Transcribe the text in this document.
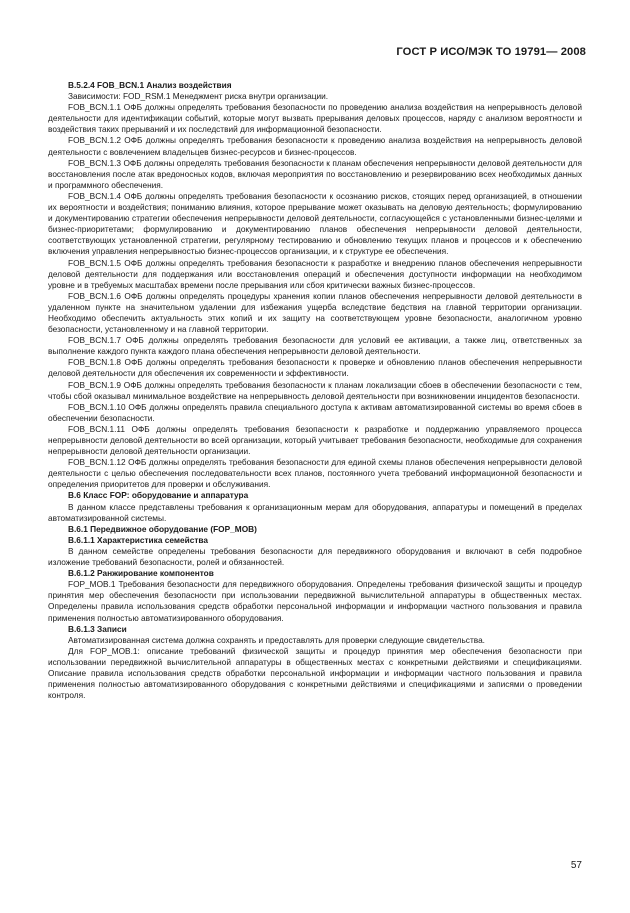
ГОСТ Р ИСО/МЭК ТО 19791— 2008

B.5.2.4 FOB_BCN.1 Анализ воздействия

Зависимости: FOD_RSM.1 Менеджмент риска внутри организации.

FOB_BCN.1.1 ОФБ должны определять требования безопасности по проведению анализа воздействия на непрерывность деловой деятельности для идентификации событий, которые могут вызвать прерывания деловых процессов, наряду с анализом вероятности и воздействия таких прерываний и их последствий для информационной безопасности.

FOB_BCN.1.2 ОФБ должны определять требования безопасности к проведению анализа воздействия на непрерывность деловой деятельности с вовлечением владельцев бизнес-ресурсов и бизнес-процессов.

FOB_BCN.1.3 ОФБ должны определять требования безопасности к планам обеспечения непрерывности деловой деятельности для восстановления после атак вредоносных кодов, включая мероприятия по восстановлению и резервированию всех необходимых данных и программного обеспечения.

FOB_BCN.1.4 ОФБ должны определять требования безопасности к осознанию рисков, стоящих перед организацией, в отношении их вероятности и воздействия; пониманию влияния, которое прерывание может оказывать на деловую деятельность; формулированию и документированию стратегии обеспечения непрерывности деловой деятельности, согласующейся с установленными бизнес-целями и бизнес-приоритетами; формулированию и документированию планов обеспечения непрерывности деловой деятельности, соответствующих установленной стратегии, регулярному тестированию и обновлению текущих планов и процессов и к обеспечению включения управления непрерывностью бизнес-процессов организации, и к структуре ее обеспечения.

FOB_BCN.1.5 ОФБ должны определять требования безопасности к разработке и внедрению планов обеспечения непрерывности деловой деятельности для поддержания или восстановления операций и обеспечения доступности информации на необходимом уровне и в требуемых масштабах времени после прерывания или сбоя критически важных бизнес-процессов.

FOB_BCN.1.6 ОФБ должны определять процедуры хранения копии планов обеспечения непрерывности деловой деятельности в удаленном пункте на значительном удалении для избежания ущерба вследствие бедствия на главной территории организации. Необходимо обеспечить актуальность этих копий и их защиту на соответствующем уровне безопасности, аналогичном уровню безопасности, установленному и на главной территории.

FOB_BCN.1.7 ОФБ должны определять требования безопасности для условий ее активации, а также лиц, ответственных за выполнение каждого пункта каждого плана обеспечения непрерывности деловой деятельности.

FOB_BCN.1.8 ОФБ должны определять требования безопасности к проверке и обновлению планов обеспечения непрерывности деловой деятельности для обеспечения их современности и эффективности.

FOB_BCN.1.9 ОФБ должны определять требования безопасности к планам локализации сбоев в обеспечении безопасности с тем, чтобы сбой оказывал минимальное воздействие на непрерывность деловой деятельности при возникновении инцидентов безопасности.

FOB_BCN.1.10 ОФБ должны определять правила специального доступа к активам автоматизированной системы во время сбоев в обеспечении безопасности.

FOB_BCN.1.11 ОФБ должны определять требования безопасности к разработке и поддержанию управляемого процесса непрерывности деловой деятельности во всей организации, который учитывает требования безопасности, необходимые для сохранения непрерывности деловой деятельности организации.

FOB_BCN.1.12 ОФБ должны определять требования безопасности для единой схемы планов обеспечения непрерывности деловой деятельности с целью обеспечения последовательности всех планов, постоянного учета требований информационной безопасности и определения приоритетов для проверки и обслуживания.

B.6 Класс FOP: оборудование и аппаратура

В данном классе представлены требования к организационным мерам для оборудования, аппаратуры и помещений в пределах автоматизированной системы.

B.6.1 Передвижное оборудование (FOP_MOB)

B.6.1.1 Характеристика семейства

В данном семействе определены требования безопасности для передвижного оборудования и включают в себя подробное изложение требований безопасности, ролей и обязанностей.

B.6.1.2 Ранжирование компонентов

FOP_MOB.1 Требования безопасности для передвижного оборудования. Определены требования физической защиты и процедур принятия мер обеспечения безопасности при использовании передвижной вычислительной аппаратуры в общественных местах. Определены правила использования средств обработки персональной информации и информации частного пользования и правила применения полностью автоматизированного оборудования.

B.6.1.3 Записи

Автоматизированная система должна сохранять и предоставлять для проверки следующие свидетельства.

Для FOP_MOB.1: описание требований физической защиты и процедур принятия мер обеспечения безопасности при использовании передвижной вычислительной аппаратуры в общественных местах с конкретными действиями и спецификациями. Описание правила использования средств обработки персональной информации и информации частного пользования и правила применения полностью автоматизированного оборудования с конкретными действиями и спецификациями и записями о проведении контроля.

57
